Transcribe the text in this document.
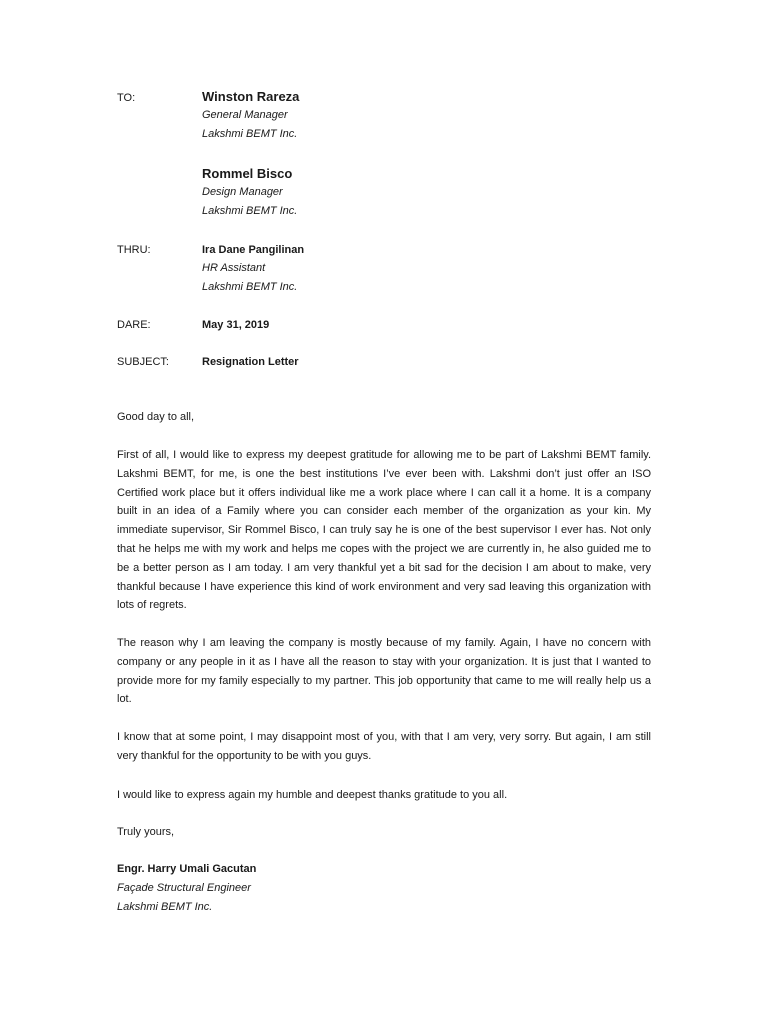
TO:	Winston Rareza
General Manager
Lakshmi BEMT Inc.
Rommel Bisco
Design Manager
Lakshmi BEMT Inc.
THRU:	Ira Dane Pangilinan
HR Assistant
Lakshmi BEMT Inc.
DARE:	May 31, 2019
SUBJECT:	Resignation Letter

Good day to all,

First of all, I would like to express my deepest gratitude for allowing me to be part of Lakshmi BEMT family. Lakshmi BEMT, for me, is one the best institutions I’ve ever been with. Lakshmi don’t just offer an ISO Certified work place but it offers individual like me a work place where I can call it a home. It is a company built in an idea of a Family where you can consider each member of the organization as your kin. My immediate supervisor, Sir Rommel Bisco, I can truly say he is one of the best supervisor I ever has. Not only that he helps me with my work and helps me copes with the project we are currently in, he also guided me to be a better person as I am today. I am very thankful yet a bit sad for the decision I am about to make, very thankful because I have experience this kind of work environment and very sad leaving this organization with lots of regrets.

The reason why I am leaving the company is mostly because of my family. Again, I have no concern with company or any people in it as I have all the reason to stay with your organization. It is just that I wanted to provide more for my family especially to my partner. This job opportunity that came to me will really help us a lot.

I know that at some point, I may disappoint most of you, with that I am very, very sorry. But again, I am still very thankful for the opportunity to be with you guys.

I would like to express again my humble and deepest thanks gratitude to you all.

Truly yours,

Engr. Harry Umali Gacutan
Façade Structural Engineer
Lakshmi BEMT Inc.
